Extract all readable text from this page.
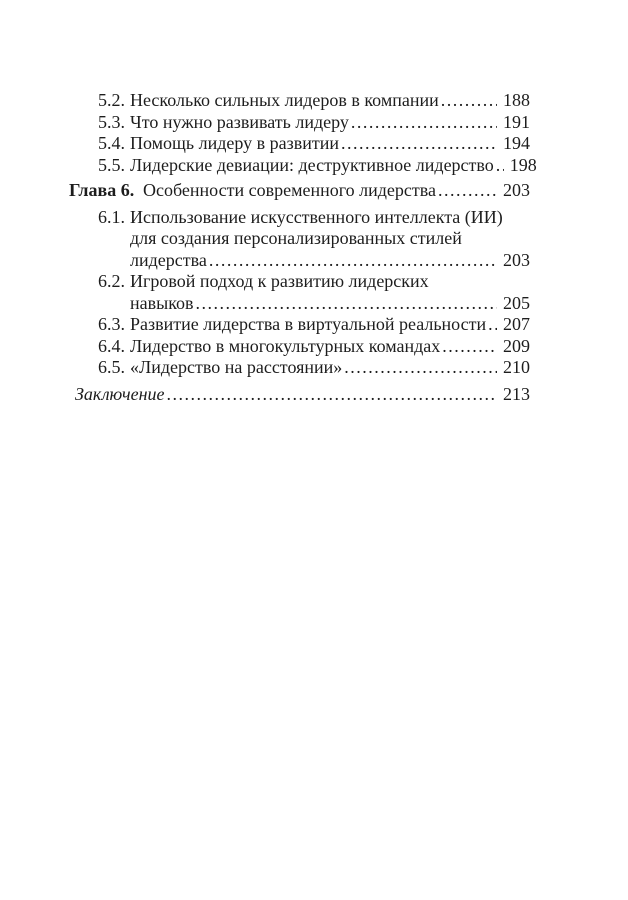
5.2. Несколько сильных лидеров в компании .....	188
5.3. Что нужно развивать лидеру .....	191
5.4. Помощь лидеру в развитии .....	194
5.5. Лидерские девиации: деструктивное лидерство ..... 198
Глава 6. Особенности современного лидерства .....	203
6.1. Использование искусственного интеллекта (ИИ)
для создания персонализированных стилей
лидерства .....	203
6.2. Игровой подход к развитию лидерских
навыков .....	205
6.3. Развитие лидерства в виртуальной реальности ..... 207
6.4. Лидерство в многокультурных командах .....	209
6.5. «Лидерство на расстоянии» .....	210
Заключение .....	213
